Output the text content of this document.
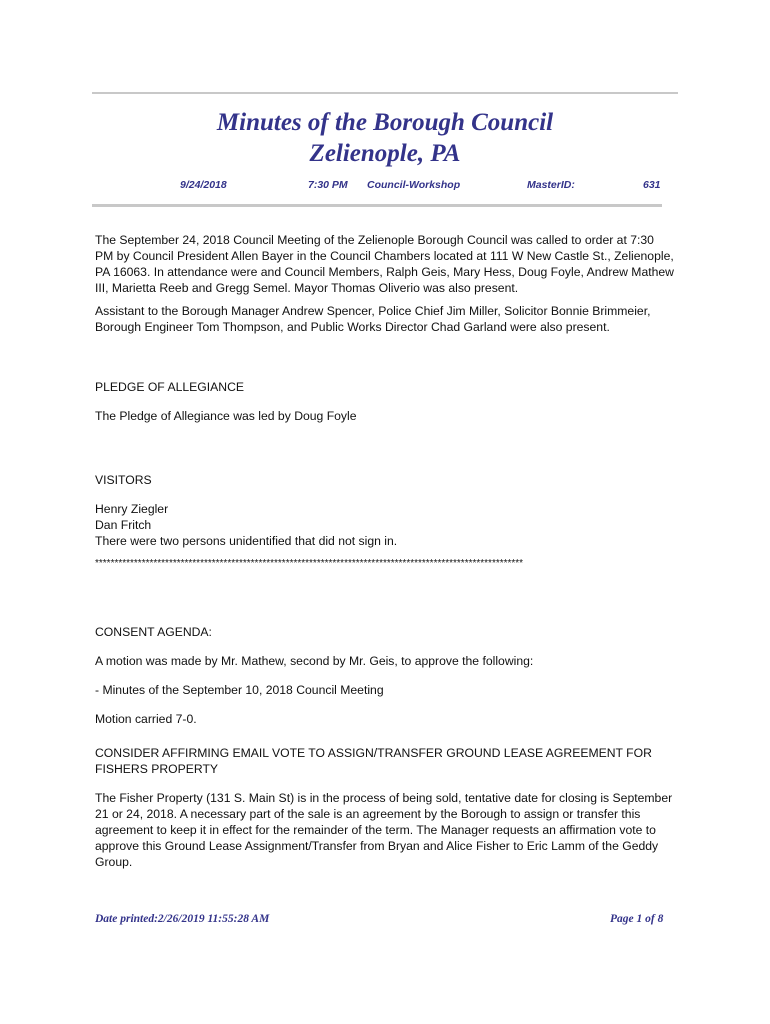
Minutes of the Borough Council
Zelienople, PA
9/24/2018	7:30 PM Council-Workshop	MasterID:	631

The September 24, 2018 Council Meeting of the Zelienople Borough Council was called to order at 7:30 PM by Council President Allen Bayer in the Council Chambers located at 111 W New Castle St., Zelienople, PA 16063. In attendance were and Council Members, Ralph Geis, Mary Hess, Doug Foyle, Andrew Mathew III, Marietta Reeb and Gregg Semel. Mayor Thomas Oliverio was also present.

Assistant to the Borough Manager Andrew Spencer, Police Chief Jim Miller, Solicitor Bonnie Brimmeier, Borough Engineer Tom Thompson, and Public Works Director Chad Garland were also present.

PLEDGE OF ALLEGIANCE

The Pledge of Allegiance was led by Doug Foyle

VISITORS

Henry Ziegler

Dan Fritch

There were two persons unidentified that did not sign in.

**************************************************************************************************************

CONSENT AGENDA:

A motion was made by Mr. Mathew, second by Mr. Geis, to approve the following:

- Minutes of the September 10, 2018 Council Meeting

Motion carried 7-0.

CONSIDER AFFIRMING EMAIL VOTE TO ASSIGN/TRANSFER GROUND LEASE AGREEMENT FOR FISHERS PROPERTY

The Fisher Property (131 S. Main St) is in the process of being sold, tentative date for closing is September 21 or 24, 2018. A necessary part of the sale is an agreement by the Borough to assign or transfer this agreement to keep it in effect for the remainder of the term. The Manager requests an affirmation vote to approve this Ground Lease Assignment/Transfer from Bryan and Alice Fisher to Eric Lamm of the Geddy Group.

Date printed:2/26/2019 11:55:28 AM	Page 1 of 8
